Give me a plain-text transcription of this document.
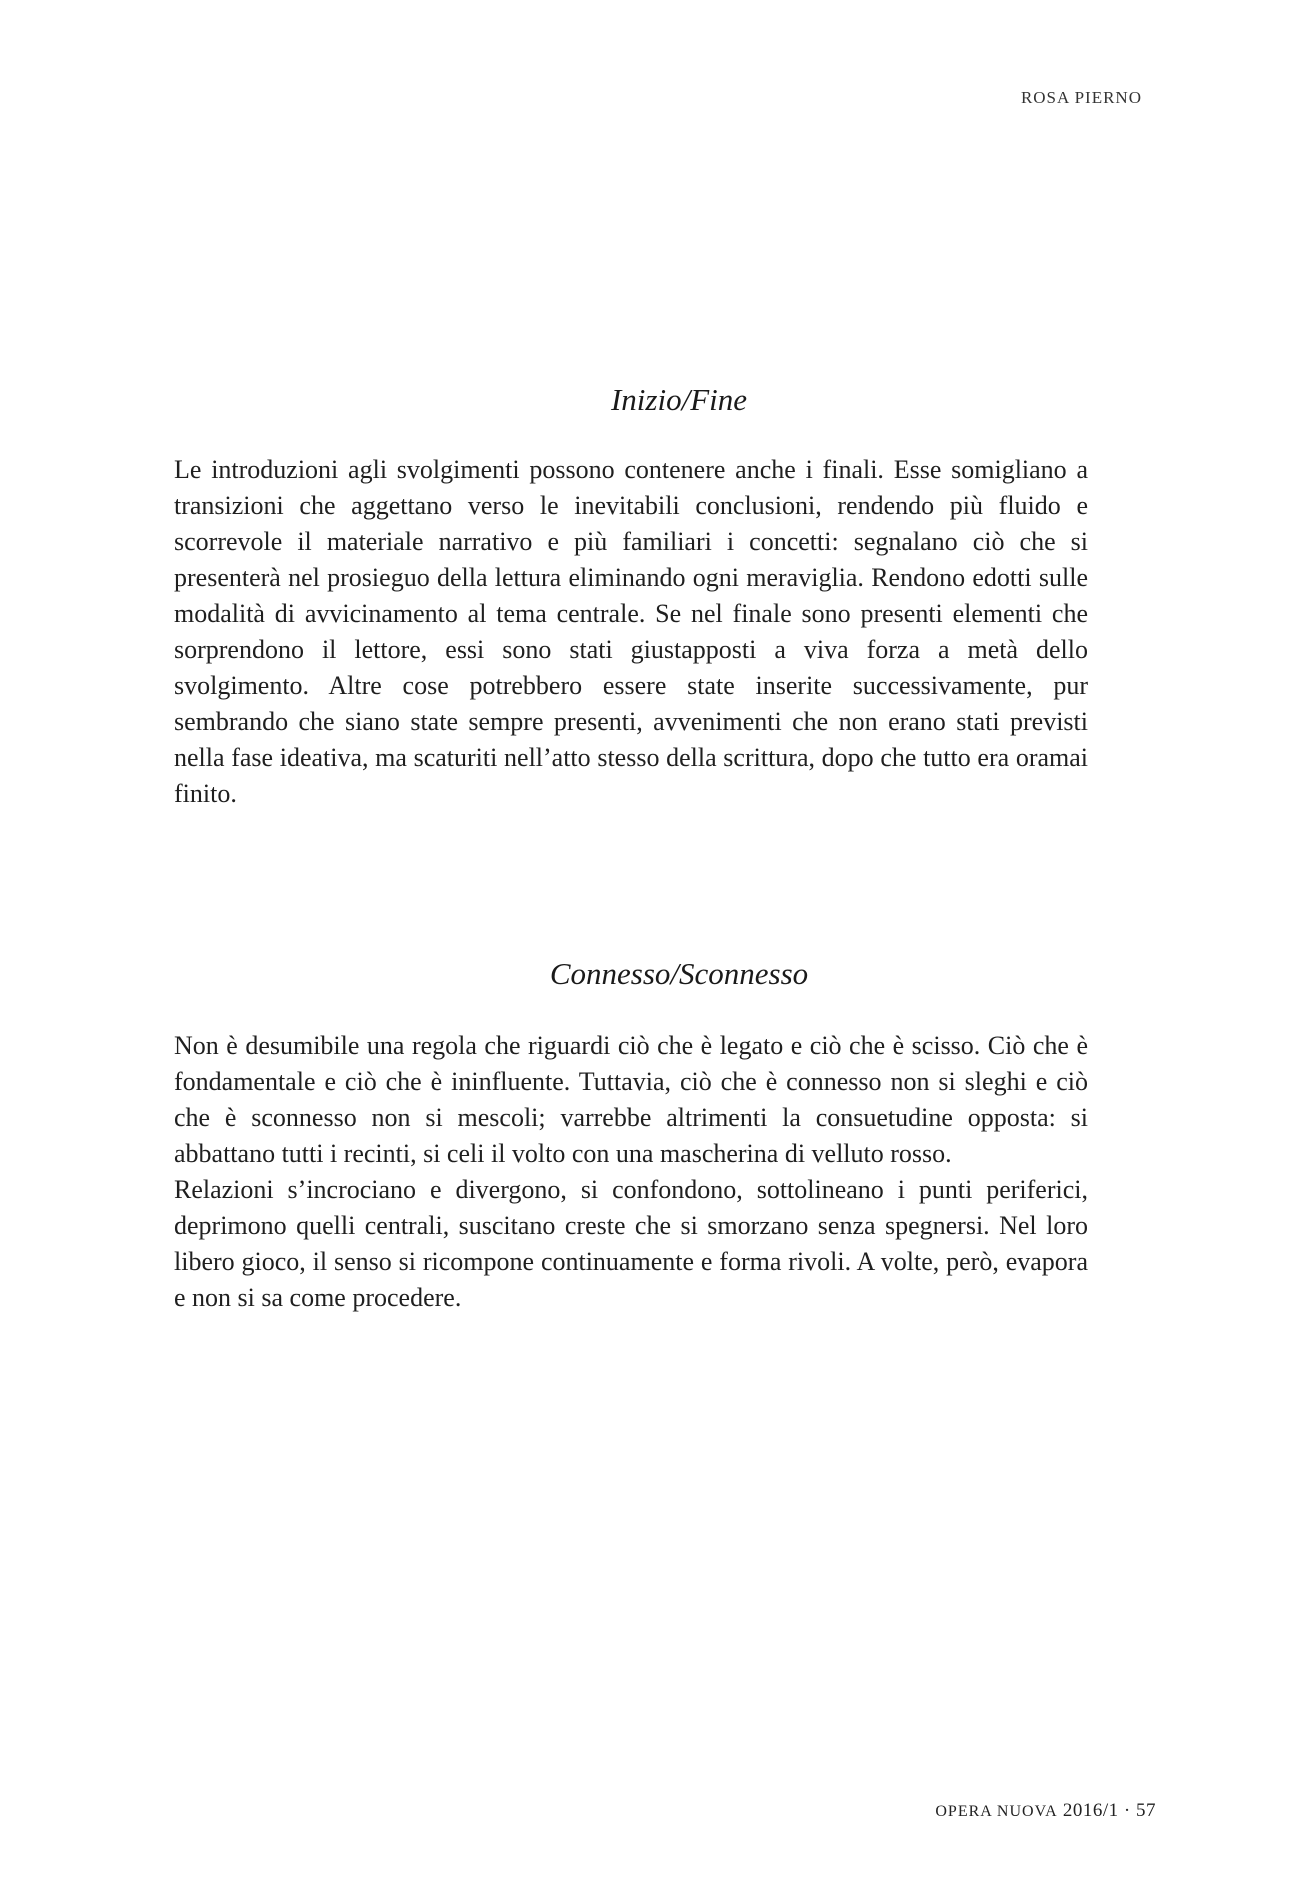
ROSA PIERNO
Inizio/Fine

Le introduzioni agli svolgimenti possono contenere anche i finali. Esse somigliano a transizioni che aggettano verso le inevitabili conclusioni, rendendo più fluido e scorrevole il materiale narrativo e più familiari i concetti: segnalano ciò che si presenterà nel prosieguo della lettura eliminando ogni meraviglia. Rendono edotti sulle modalità di avvicinamento al tema centrale. Se nel finale sono presenti elementi che sorprendono il lettore, essi sono stati giustapposti a viva forza a metà dello svolgimento. Altre cose potrebbero essere state inserite successivamente, pur sembrando che siano state sempre presenti, avvenimenti che non erano stati previsti nella fase ideativa, ma scaturiti nell’atto stesso della scrittura, dopo che tutto era oramai finito.

Connesso/Sconnesso

Non è desumibile una regola che riguardi ciò che è legato e ciò che è scisso. Ciò che è fondamentale e ciò che è ininfluente. Tuttavia, ciò che è connesso non si sleghi e ciò che è sconnesso non si mescoli; varrebbe altrimenti la consuetudine opposta: si abbattano tutti i recinti, si celi il volto con una mascherina di velluto rosso.

Relazioni s’incrociano e divergono, si confondono, sottolineano i punti periferici, deprimono quelli centrali, suscitano creste che si smorzano senza spegnersi. Nel loro libero gioco, il senso si ricompone continuamente e forma rivoli. A volte, però, evapora e non si sa come procedere.

OPERA NUOVA 2016/1 · 57
